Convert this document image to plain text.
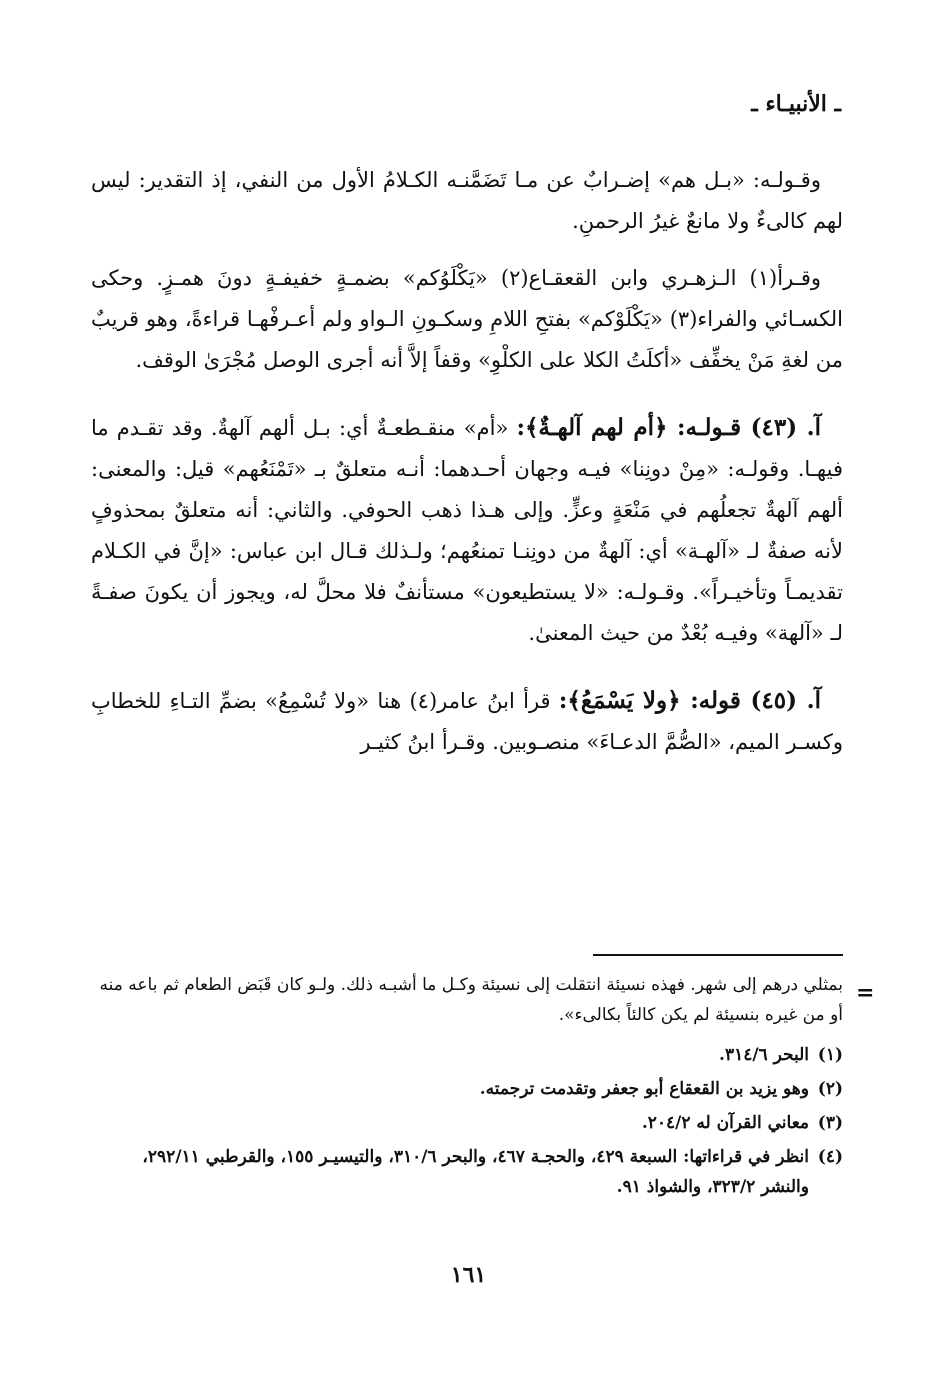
ـ الأنبيـاء ـ

وقـولـه: «بـل هم» إضـرابٌ عن مـا تَضَمَّنـه الكـلامُ الأول من النفي، إذ التقدير: ليس لهم كالىءٌ ولا مانعٌ غيرُ الرحمنِ.

وقـرأ(١) الـزهـري وابن القعقـاع(٢) «يَكْلَوُكم» بضمـةٍ خفيفـةٍ دونَ همـزٍ. وحكى الكسـائي والفراء(٣) «يَكْلَوْكم» بفتحِ اللامِ وسكـونِ الـواو ولم أعـرفْهـا قراءةً، وهو قريبٌ من لغةِ مَنْ يخفِّف «أكلَتُ الكلا على الكلْوِ» وقفاً إلاَّ أنه أجرى الوصل مُجْرَىٰ الوقف.

آ. (٤٣) قـولـه: ﴿أم لهم آلهـةٌ﴾: «أم» منقـطعـةٌ أي: بـل ألهم آلهةٌ. وقد تقـدم ما فيهـا. وقولـه: «مِنْ دونِنا» فيـه وجهان أحـدهما: أنـه متعلقٌ بـ «تَمْنَعُهم» قيل: والمعنى: ألهم آلهةٌ تجعلُهم في مَنْعَةٍ وعزٍّ. وإلى هـذا ذهب الحوفي. والثاني: أنه متعلقٌ بمحذوفٍ لأنه صفةٌ لـ «آلهـة» أي: آلهةٌ من دونِنـا تمنعُهم؛ ولـذلك قـال ابن عباس: «إنَّ في الكـلام تقديمـاً وتأخيـراً». وقـولـه: «لا يستطيعون» مستأنفٌ فلا محلَّ له، ويجوز أن يكونَ صفـةً لـ «آلهة» وفيـه بُعْدٌ من حيث المعنىٰ.

آ. (٤٥) قوله: ﴿ولا يَسْمَعُ﴾: قرأ ابنُ عامر(٤) هنا «ولا تُسْمِعُ» بضمِّ التـاءِ للخطابِ وكسـر الميم، «الصُّمَّ الدعـاءَ» منصـوبين. وقـرأ ابنُ كثيـر

=

بمثلي درهم إلى شهر. فهذه نسيئة انتقلت إلى نسيئة وكـل ما أشبـه ذلك. ولـو كان قَبَض الطعام ثم باعه منه أو من غيره بنسيئة لم يكن كالئاً بكالىء».

(١)
البحر ٣١٤/٦.
(٢)
وهو يزيد بن القعقاع أبو جعفر وتقدمت ترجمته.
(٣)
معاني القرآن له ٢٠٤/٢.
(٤)
انظر في قراءاتها: السبعة ٤٢٩، والحجـة ٤٦٧، والبحر ٣١٠/٦، والتيسيـر ١٥٥، والقرطبي ٢٩٢/١١، والنشر ٣٢٣/٢، والشواذ ٩١.
١٦١
